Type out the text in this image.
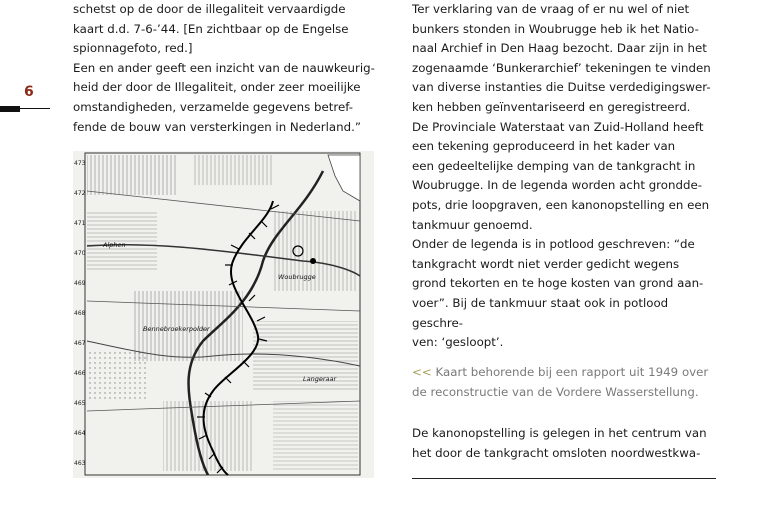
6

schetst op de door de illegaliteit vervaardigde

kaart d.d. 7-6-’44. [En zichtbaar op de Engelse

spionnagefoto, red.]

Een en ander geeft een inzicht van de nauwkeurig-

heid der door de Illegaliteit, onder zeer moeilijke

omstandigheden, verzamelde gegevens betref-

fende de bouw van versterkingen in Nederland.”

473
472
471
470
469
468
467
466
465
464
463
Alphen
Woubrugge
Langeraar
Bennebroekerpolder

Ter verklaring van de vraag of er nu wel of niet

bunkers stonden in Woubrugge heb ik het Natio-

naal Archief in Den Haag bezocht. Daar zijn in het

zogenaamde ‘Bunkerarchief’ tekeningen te vinden

van diverse instanties die Duitse verdedigingswer-

ken hebben geïnventariseerd en geregistreerd.

De Provinciale Waterstaat van Zuid-Holland heeft

een tekening geproduceerd in het kader van

een gedeeltelijke demping van de tankgracht in

Woubrugge. In de legenda worden acht grondde-

pots, drie loopgraven, een kanonopstelling en een

tankmuur genoemd.

Onder de legenda is in potlood geschreven: “de

tankgracht wordt niet verder gedicht wegens

grond tekorten en te hoge kosten van grond aan-

voer”. Bij de tankmuur staat ook in potlood geschre-

ven: ‘gesloopt’.

<< Kaart behorende bij een rapport uit 1949 over
de reconstructie van de Vordere Wasserstellung.
De kanonopstelling is gelegen in het centrum van
het door de tankgracht omsloten noordwestkwa-
